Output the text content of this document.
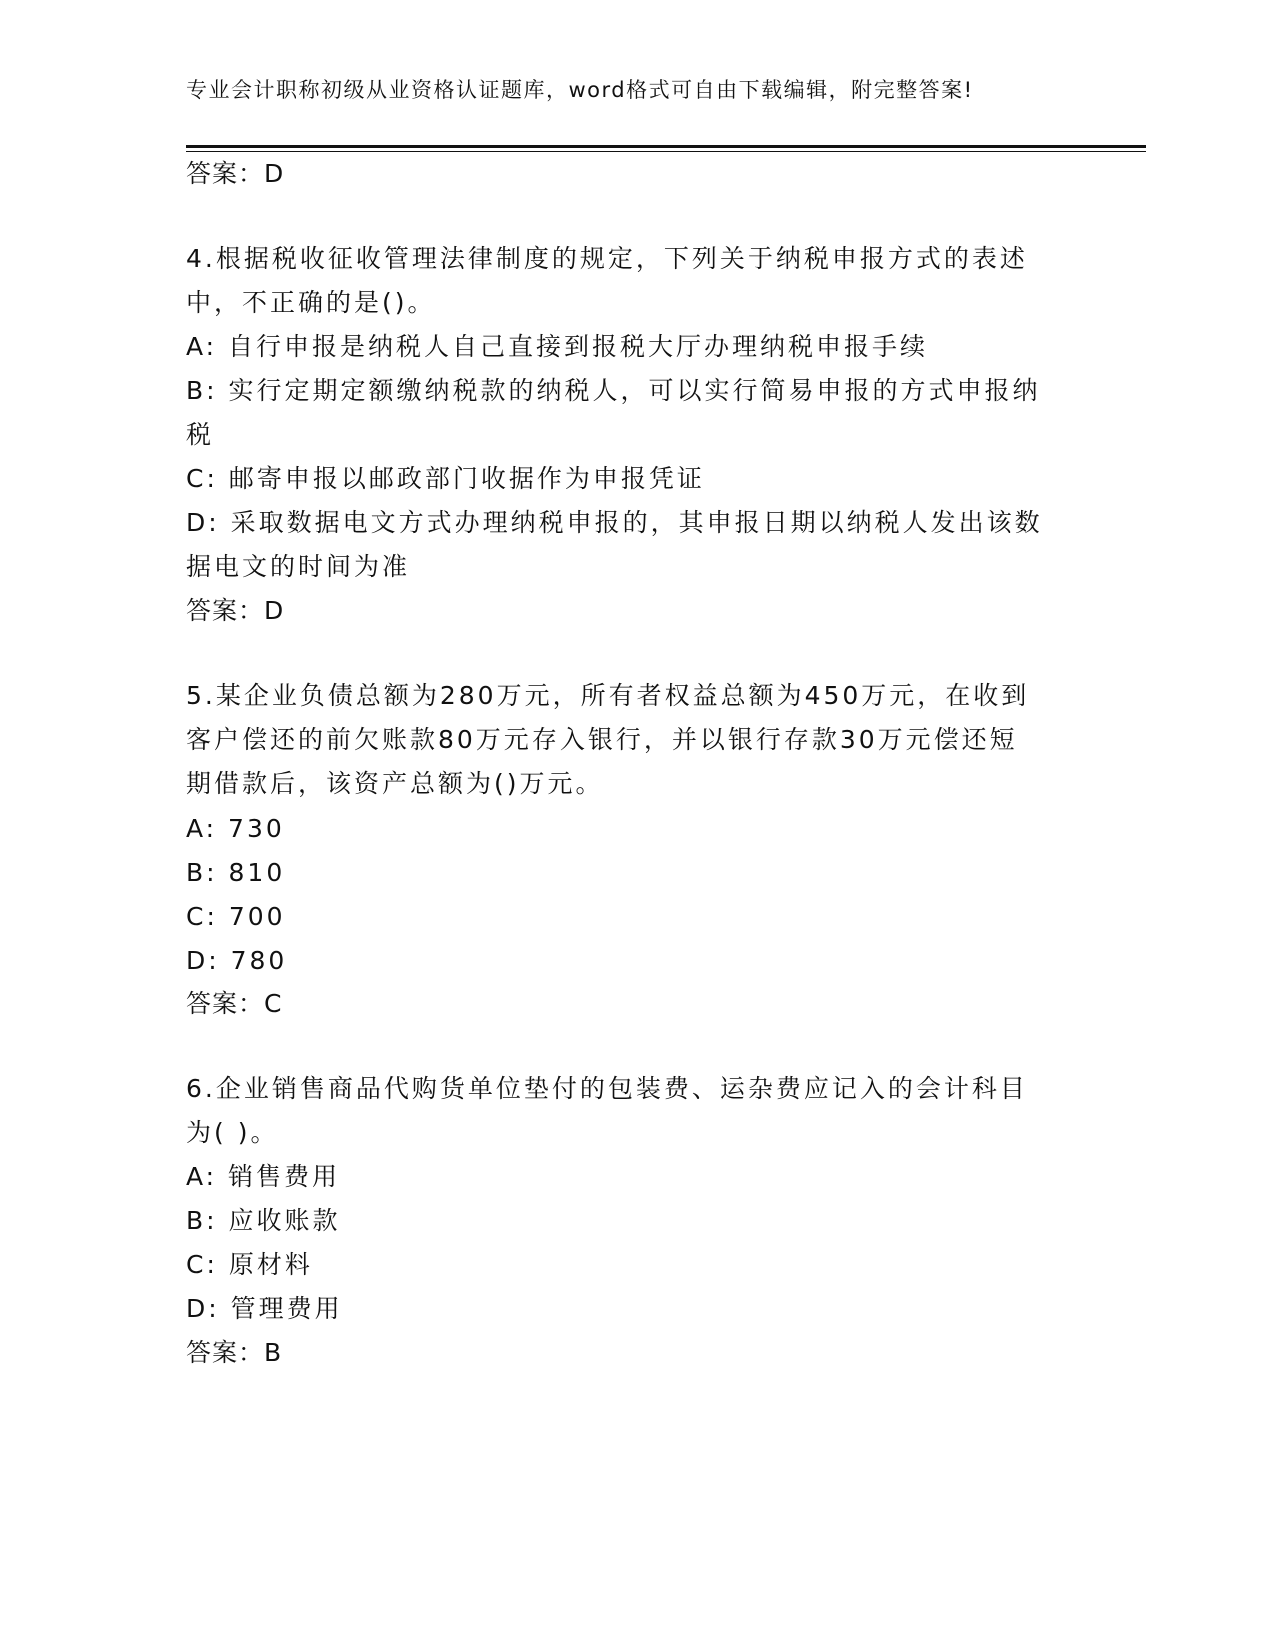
专业会计职称初级从业资格认证题库，word格式可自由下载编辑，附完整答案!
答案：D
4.根据税收征收管理法律制度的规定，下列关于纳税申报方式的表述
中，不正确的是()。
A: 自行申报是纳税人自己直接到报税大厅办理纳税申报手续
B: 实行定期定额缴纳税款的纳税人，可以实行简易申报的方式申报纳
税
C: 邮寄申报以邮政部门收据作为申报凭证
D: 采取数据电文方式办理纳税申报的，其申报日期以纳税人发出该数
据电文的时间为准
答案：D
5.某企业负债总额为280万元，所有者权益总额为450万元，在收到
客户偿还的前欠账款80万元存入银行，并以银行存款30万元偿还短
期借款后，该资产总额为()万元。
A: 730
B: 810
C: 700
D: 780
答案：C
6.企业销售商品代购货单位垫付的包装费、运杂费应记入的会计科目
为( )。
A: 销售费用
B: 应收账款
C: 原材料
D: 管理费用
答案：B
